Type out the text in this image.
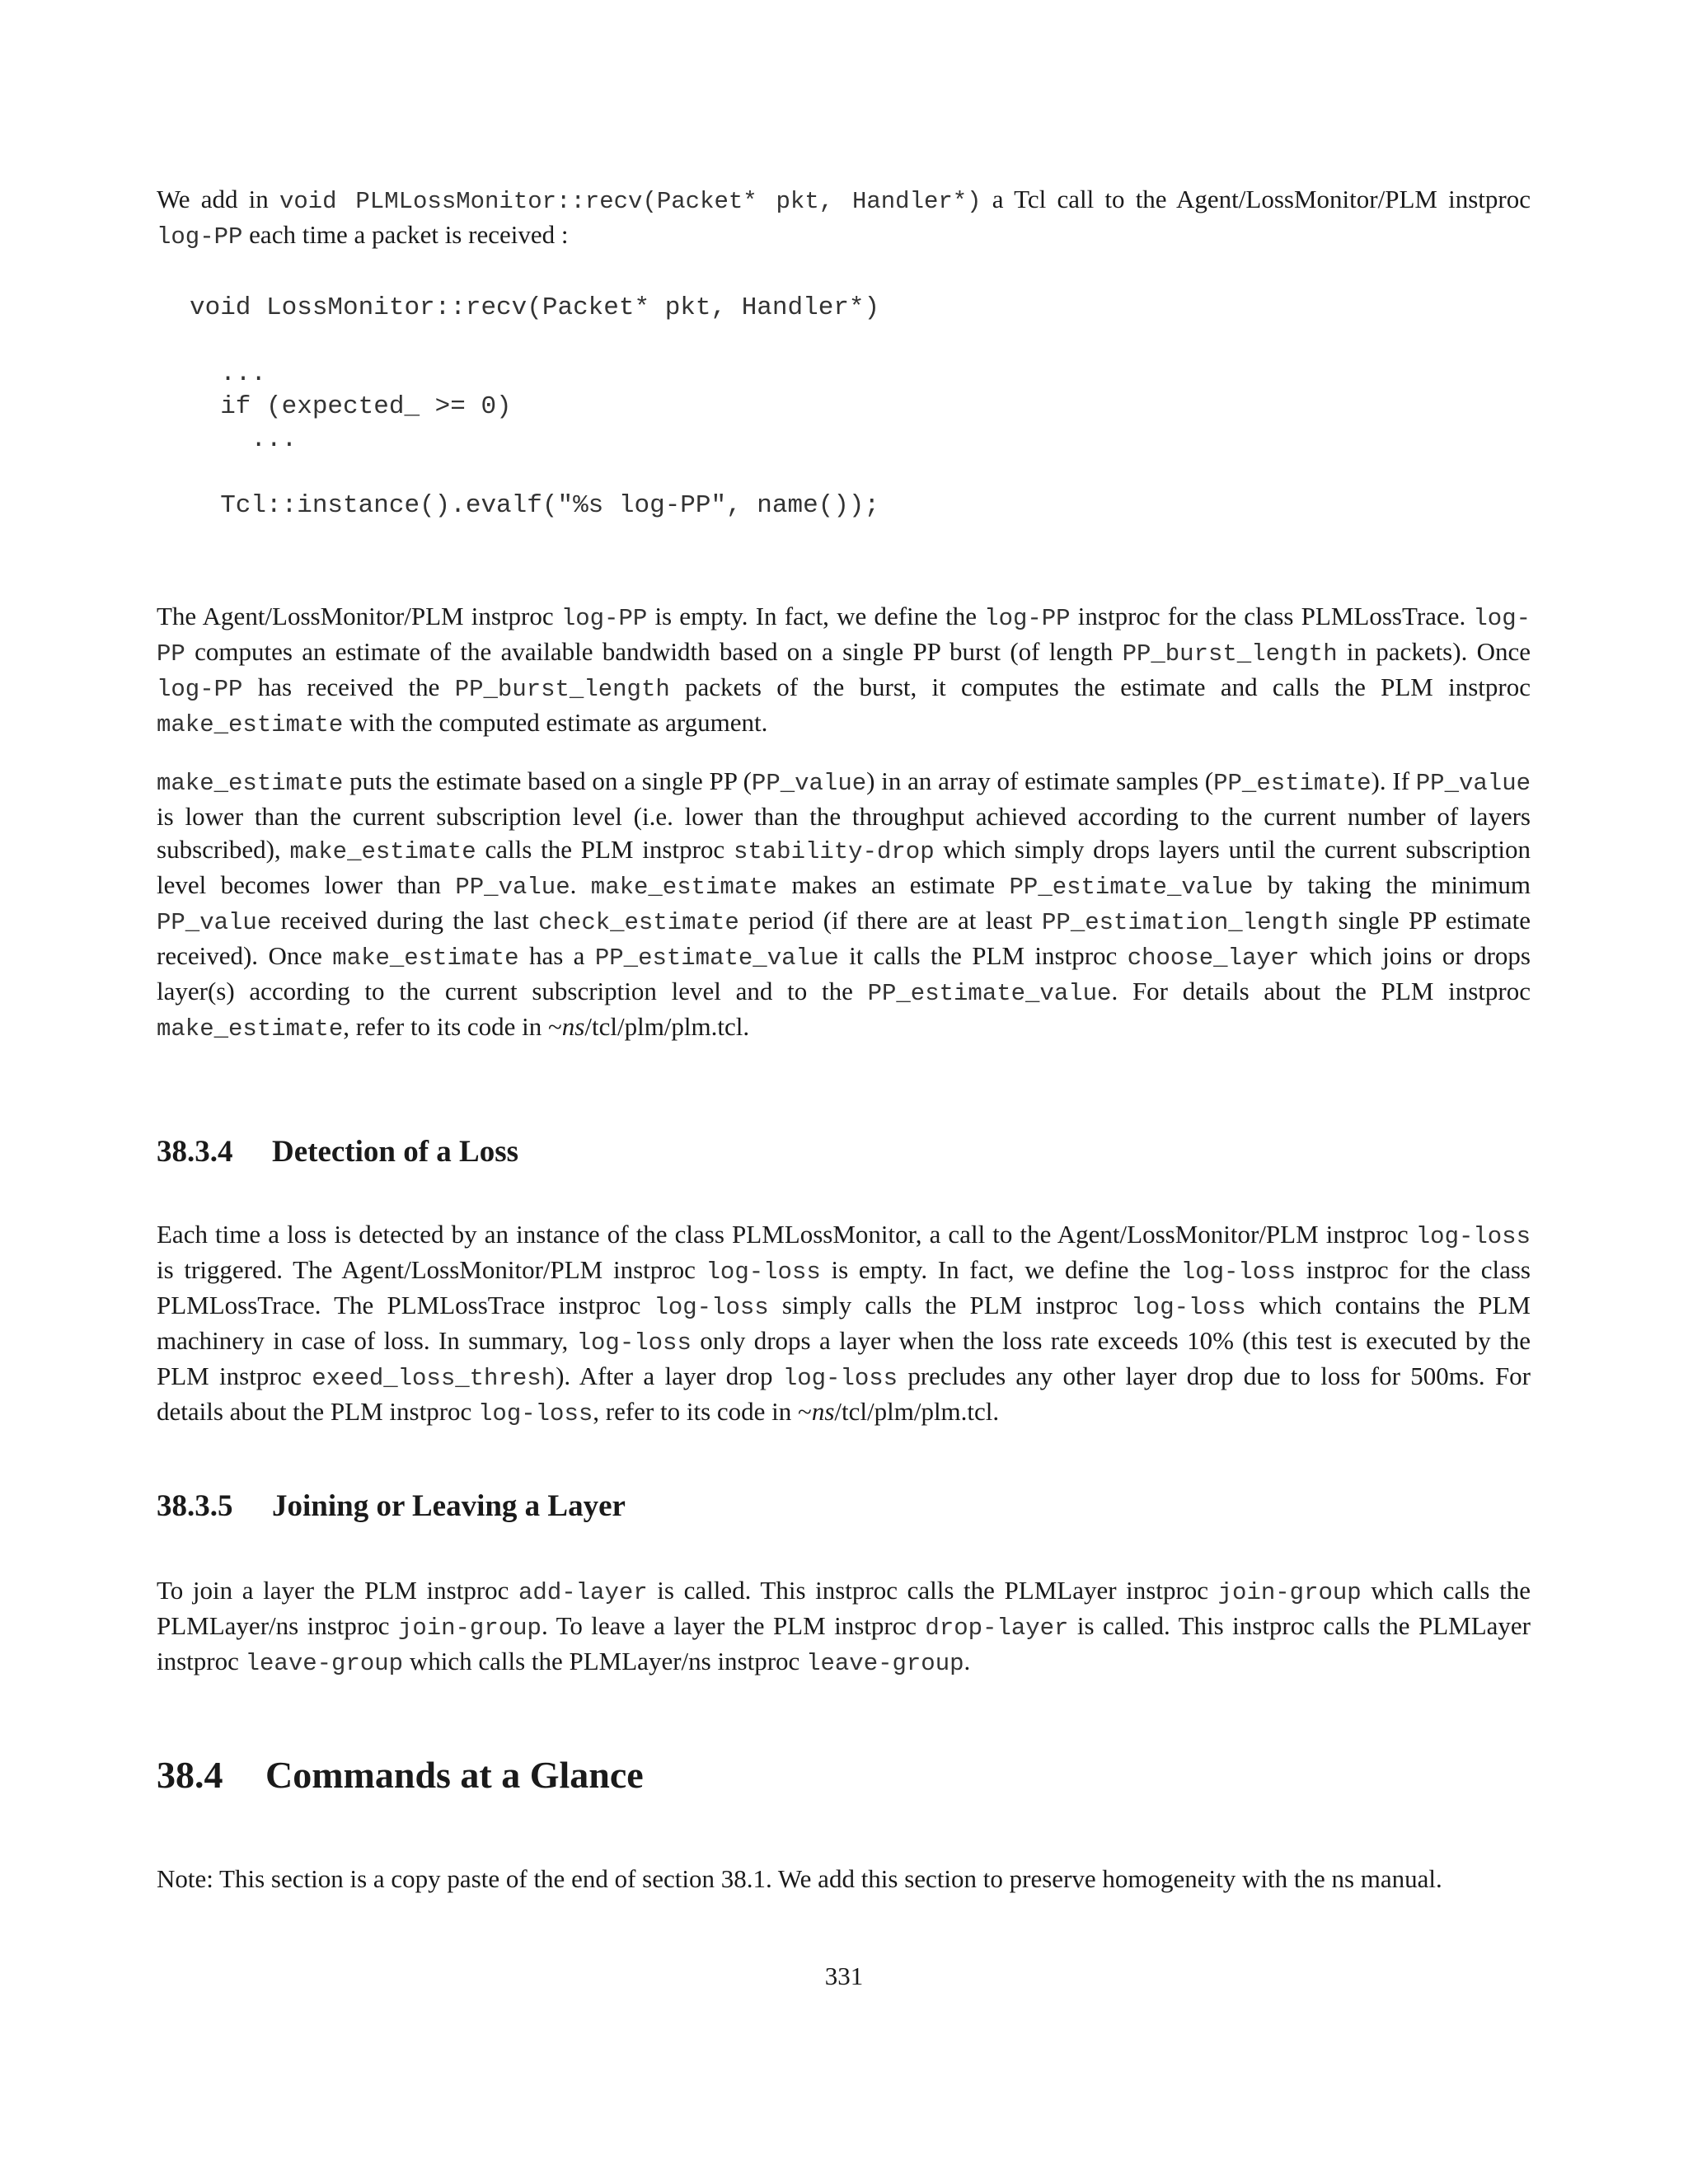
We add in void PLMLossMonitor::recv(Packet* pkt, Handler*) a Tcl call to the Agent/LossMonitor/PLM instproc log-PP each time a packet is received :

void LossMonitor::recv(Packet* pkt, Handler*)
...
if (expected_ >= 0)
...
Tcl::instance().evalf("%s log-PP", name());

The Agent/LossMonitor/PLM instproc log-PP is empty. In fact, we define the log-PP instproc for the class PLMLossTrace. log-PP computes an estimate of the available bandwidth based on a single PP burst (of length PP_burst_length in packets). Once log-PP has received the PP_burst_length packets of the burst, it computes the estimate and calls the PLM instproc make_estimate with the computed estimate as argument.

make_estimate puts the estimate based on a single PP (PP_value) in an array of estimate samples (PP_estimate). If PP_value is lower than the current subscription level (i.e. lower than the throughput achieved according to the current number of layers subscribed), make_estimate calls the PLM instproc stability-drop which simply drops layers until the current subscription level becomes lower than PP_value. make_estimate makes an estimate PP_estimate_value by taking the minimum PP_value received during the last check_estimate period (if there are at least PP_estimation_length single PP estimate received). Once make_estimate has a PP_estimate_value it calls the PLM instproc choose_layer which joins or drops layer(s) according to the current subscription level and to the PP_estimate_value. For details about the PLM instproc make_estimate, refer to its code in ~ns/tcl/plm/plm.tcl.

38.3.4 Detection of a Loss

Each time a loss is detected by an instance of the class PLMLossMonitor, a call to the Agent/LossMonitor/PLM instproc log-loss is triggered. The Agent/LossMonitor/PLM instproc log-loss is empty. In fact, we define the log-loss instproc for the class PLMLossTrace. The PLMLossTrace instproc log-loss simply calls the PLM instproc log-loss which contains the PLM machinery in case of loss. In summary, log-loss only drops a layer when the loss rate exceeds 10% (this test is executed by the PLM instproc exeed_loss_thresh). After a layer drop log-loss precludes any other layer drop due to loss for 500ms. For details about the PLM instproc log-loss, refer to its code in ~ns/tcl/plm/plm.tcl.

38.3.5 Joining or Leaving a Layer

To join a layer the PLM instproc add-layer is called. This instproc calls the PLMLayer instproc join-group which calls the PLMLayer/ns instproc join-group. To leave a layer the PLM instproc drop-layer is called. This instproc calls the PLMLayer instproc leave-group which calls the PLMLayer/ns instproc leave-group.

38.4 Commands at a Glance

Note: This section is a copy paste of the end of section 38.1. We add this section to preserve homogeneity with the ns manual.

331
